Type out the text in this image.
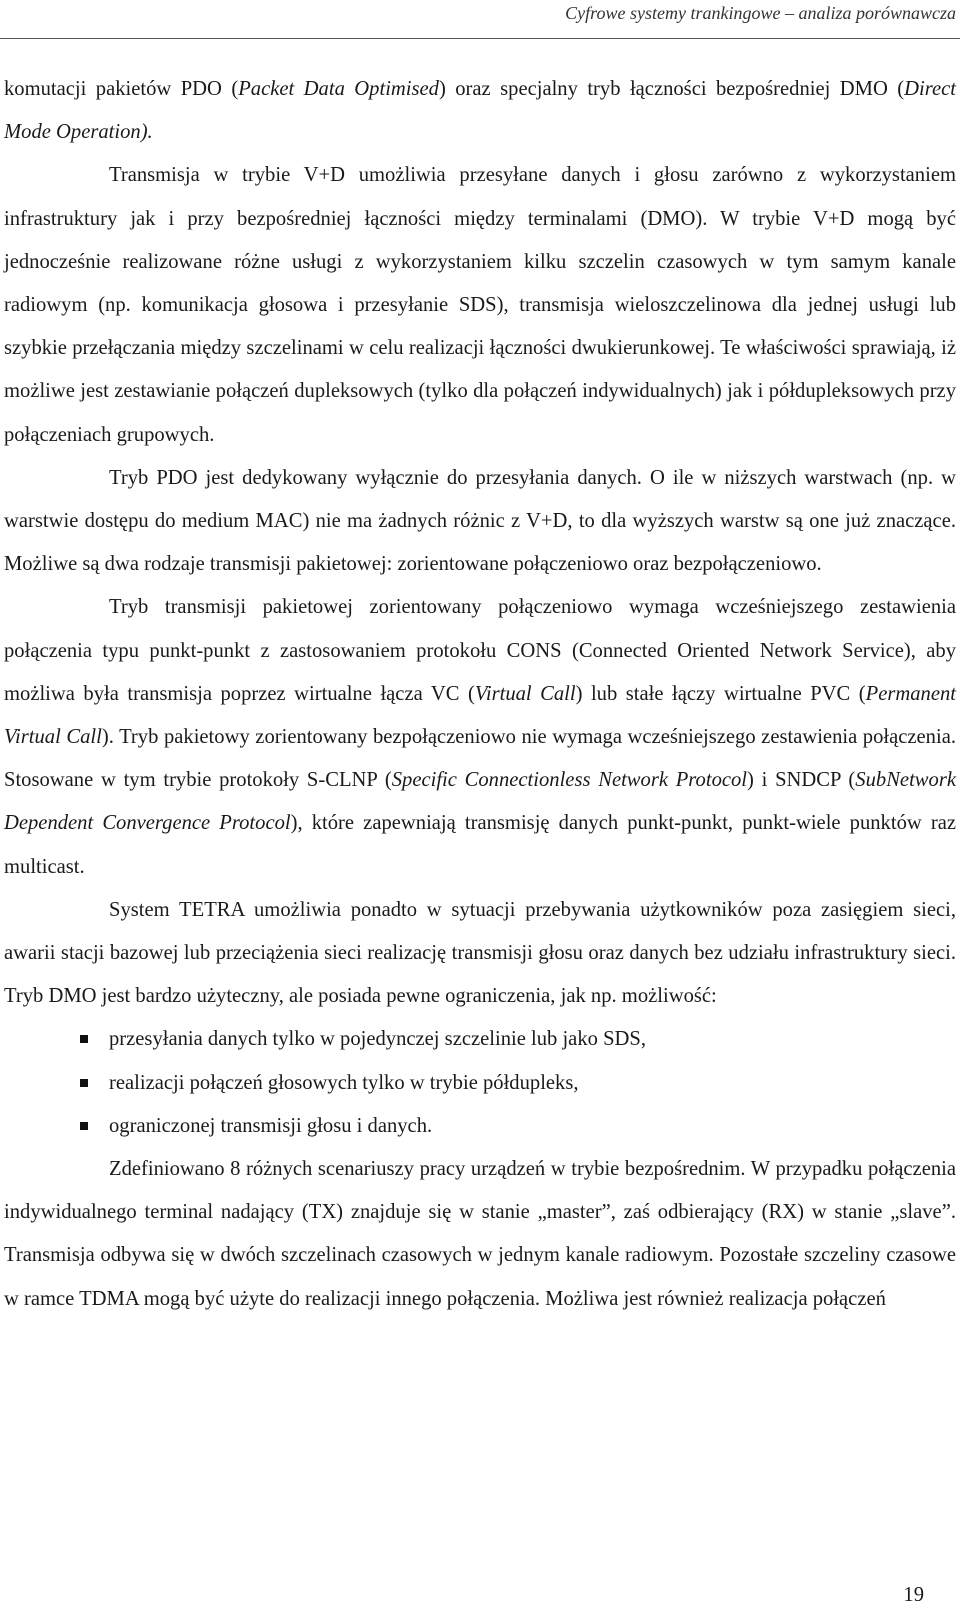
Cyfrowe systemy trankingowe – analiza porównawcza

komutacji pakietów PDO (Packet Data Optimised) oraz specjalny tryb łączności bezpośredniej DMO (Direct Mode Operation).

Transmisja w trybie V+D umożliwia przesyłane danych i głosu zarówno z wykorzystaniem infrastruktury jak i przy bezpośredniej łączności między terminalami (DMO). W trybie V+D mogą być jednocześnie realizowane różne usługi z wykorzystaniem kilku szczelin czasowych w tym samym kanale radiowym (np. komunikacja głosowa i przesyłanie SDS), transmisja wieloszczelinowa dla jednej usługi lub szybkie przełączania między szczelinami w celu realizacji łączności dwukierunkowej. Te właściwości sprawiają, iż możliwe jest zestawianie połączeń dupleksowych (tylko dla połączeń indywidualnych) jak i półdupleksowych przy połączeniach grupowych.

Tryb PDO jest dedykowany wyłącznie do przesyłania danych. O ile w niższych warstwach (np. w warstwie dostępu do medium MAC) nie ma żadnych różnic z V+D, to dla wyższych warstw są one już znaczące. Możliwe są dwa rodzaje transmisji pakietowej: zorientowane połączeniowo oraz bezpołączeniowo.

Tryb transmisji pakietowej zorientowany połączeniowo wymaga wcześniejszego zestawienia połączenia typu punkt-punkt z zastosowaniem protokołu CONS (Connected Oriented Network Service), aby możliwa była transmisja poprzez wirtualne łącza VC (Virtual Call) lub stałe łączy wirtualne PVC (Permanent Virtual Call). Tryb pakietowy zorientowany bezpołączeniowo nie wymaga wcześniejszego zestawienia połączenia. Stosowane w tym trybie protokoły S-CLNP (Specific Connectionless Network Protocol) i SNDCP (SubNetwork Dependent Convergence Protocol), które zapewniają transmisję danych punkt-punkt, punkt-wiele punktów raz multicast.

System TETRA umożliwia ponadto w sytuacji przebywania użytkowników poza zasięgiem sieci, awarii stacji bazowej lub przeciążenia sieci realizację transmisji głosu oraz danych bez udziału infrastruktury sieci. Tryb DMO jest bardzo użyteczny, ale posiada pewne ograniczenia, jak np. możliwość:

przesyłania danych tylko w pojedynczej szczelinie lub jako SDS,
realizacji połączeń głosowych tylko w trybie półdupleks,
ograniczonej transmisji głosu i danych.

Zdefiniowano 8 różnych scenariuszy pracy urządzeń w trybie bezpośrednim. W przypadku połączenia indywidualnego terminal nadający (TX) znajduje się w stanie „master”, zaś odbierający (RX) w stanie „slave”. Transmisja odbywa się w dwóch szczelinach czasowych w jednym kanale radiowym. Pozostałe szczeliny czasowe w ramce TDMA mogą być użyte do realizacji innego połączenia. Możliwa jest również realizacja połączeń

19
